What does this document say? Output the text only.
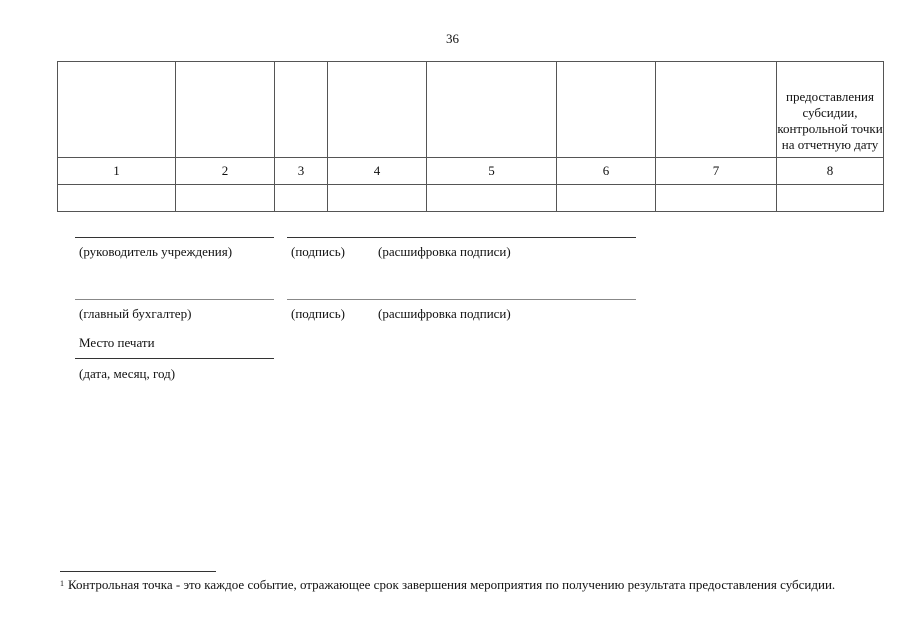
36
							предоставления субсидии, контрольной точки на отчетную дату
1	2	3	4	5	6	7	8

(руководитель учреждения)	(подпись)	(расшифровка подписи)
(главный бухгалтер)	(подпись)	(расшифровка подписи)
Место печати
(дата, месяц, год)
$^1$ Контрольная точка - это каждое событие, отражающее срок завершения мероприятия по получению результата предоставления субсидии.
